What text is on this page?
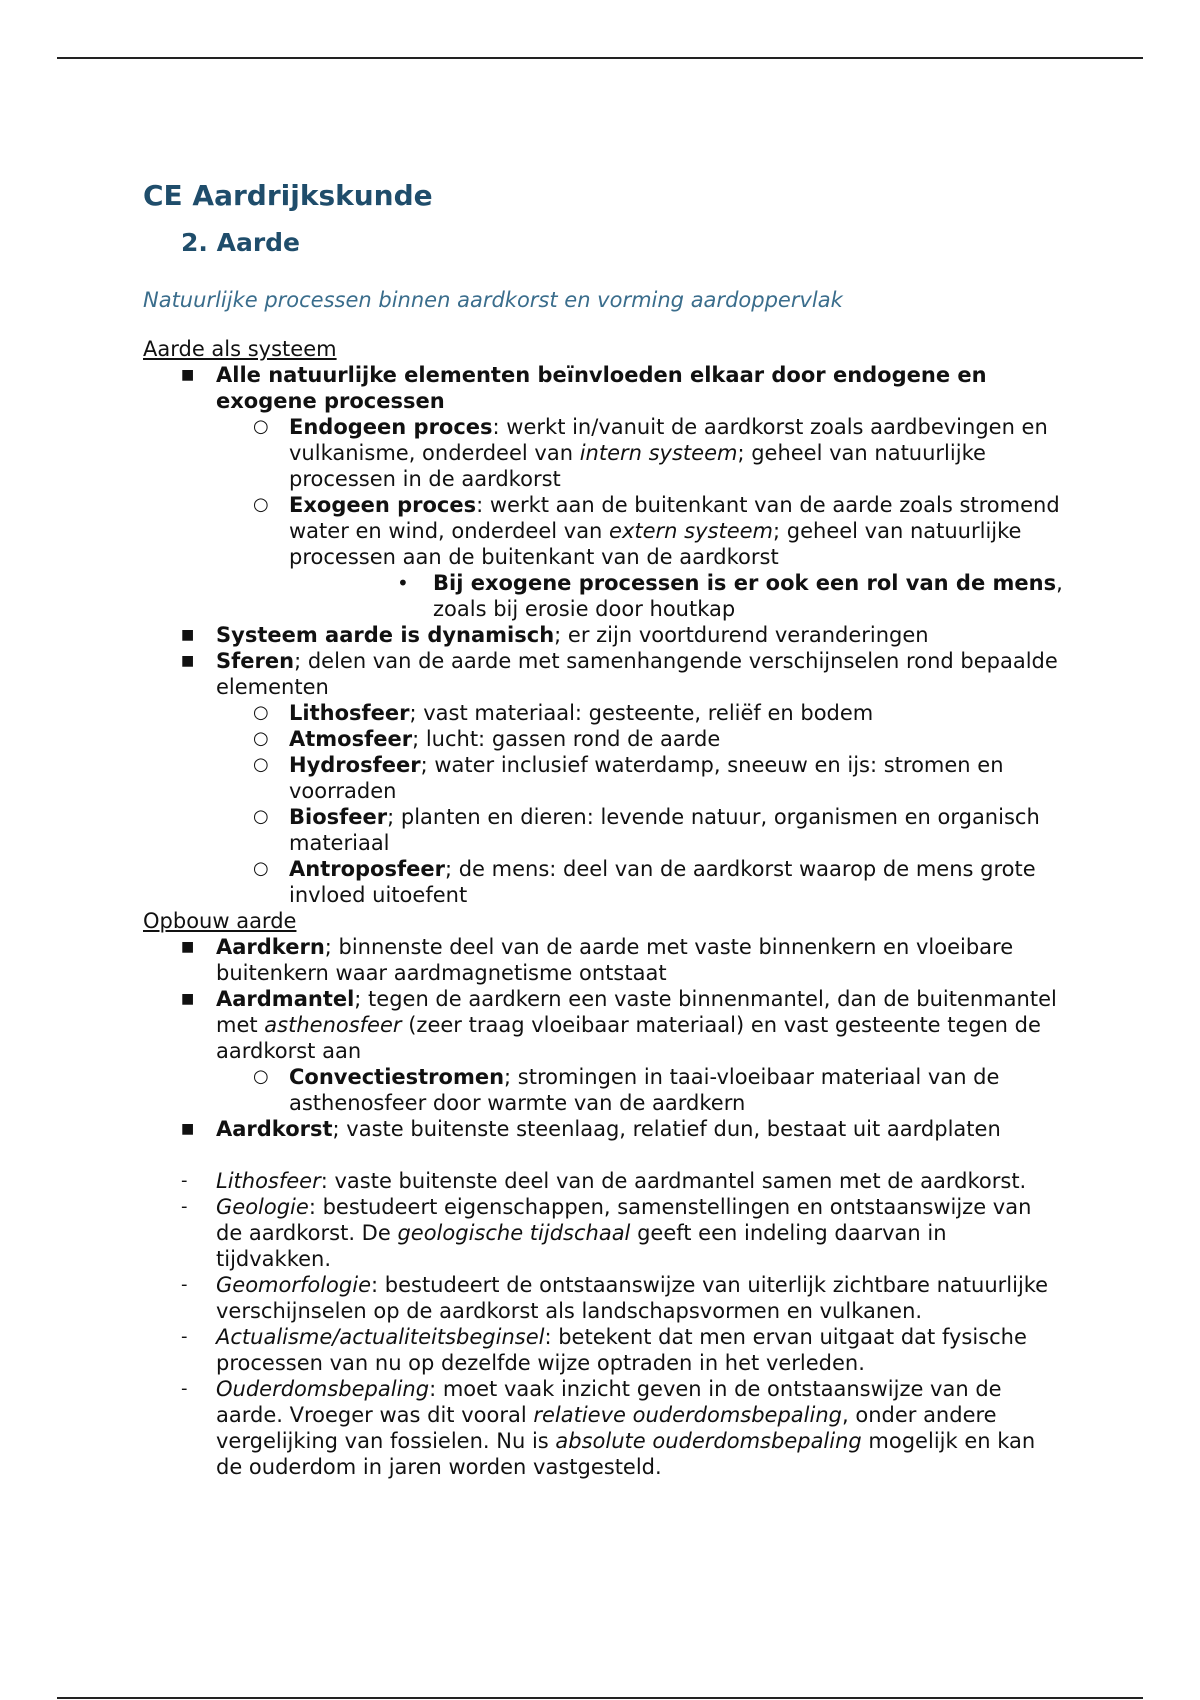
CE Aardrijkskunde
2. Aarde
Natuurlijke processen binnen aardkorst en vorming aardoppervlak
Aarde als systeem
■ Alle natuurlijke elementen beïnvloeden elkaar door endogene en exogene processen
○ Endogeen proces: werkt in/vanuit de aardkorst zoals aardbevingen en vulkanisme, onderdeel van intern systeem; geheel van natuurlijke processen in de aardkorst
○ Exogeen proces: werkt aan de buitenkant van de aarde zoals stromend water en wind, onderdeel van extern systeem; geheel van natuurlijke processen aan de buitenkant van de aardkorst
• Bij exogene processen is er ook een rol van de mens, zoals bij erosie door houtkap
■ Systeem aarde is dynamisch; er zijn voortdurend veranderingen
■ Sferen; delen van de aarde met samenhangende verschijnselen rond bepaalde elementen
○ Lithosfeer; vast materiaal: gesteente, reliëf en bodem
○ Atmosfeer; lucht: gassen rond de aarde
○ Hydrosfeer; water inclusief waterdamp, sneeuw en ijs: stromen en voorraden
○ Biosfeer; planten en dieren: levende natuur, organismen en organisch materiaal
○ Antroposfeer; de mens: deel van de aardkorst waarop de mens grote invloed uitoefent
Opbouw aarde
■ Aardkern; binnenste deel van de aarde met vaste binnenkern en vloeibare buitenkern waar aardmagnetisme ontstaat
■ Aardmantel; tegen de aardkern een vaste binnenmantel, dan de buitenmantel met asthenosfeer (zeer traag vloeibaar materiaal) en vast gesteente tegen de aardkorst aan
○ Convectiestromen; stromingen in taai-vloeibaar materiaal van de asthenosfeer door warmte van de aardkern
■ Aardkorst; vaste buitenste steenlaag, relatief dun, bestaat uit aardplaten
- Lithosfeer: vaste buitenste deel van de aardmantel samen met de aardkorst.
- Geologie: bestudeert eigenschappen, samenstellingen en ontstaanswijze van de aardkorst. De geologische tijdschaal geeft een indeling daarvan in tijdvakken.
- Geomorfologie: bestudeert de ontstaanswijze van uiterlijk zichtbare natuurlijke verschijnselen op de aardkorst als landschapsvormen en vulkanen.
- Actualisme/actualiteitsbeginsel: betekent dat men ervan uitgaat dat fysische processen van nu op dezelfde wijze optraden in het verleden.
- Ouderdomsbepaling: moet vaak inzicht geven in de ontstaanswijze van de aarde. Vroeger was dit vooral relatieve ouderdomsbepaling, onder andere vergelijking van fossielen. Nu is absolute ouderdomsbepaling mogelijk en kan de ouderdom in jaren worden vastgesteld.
